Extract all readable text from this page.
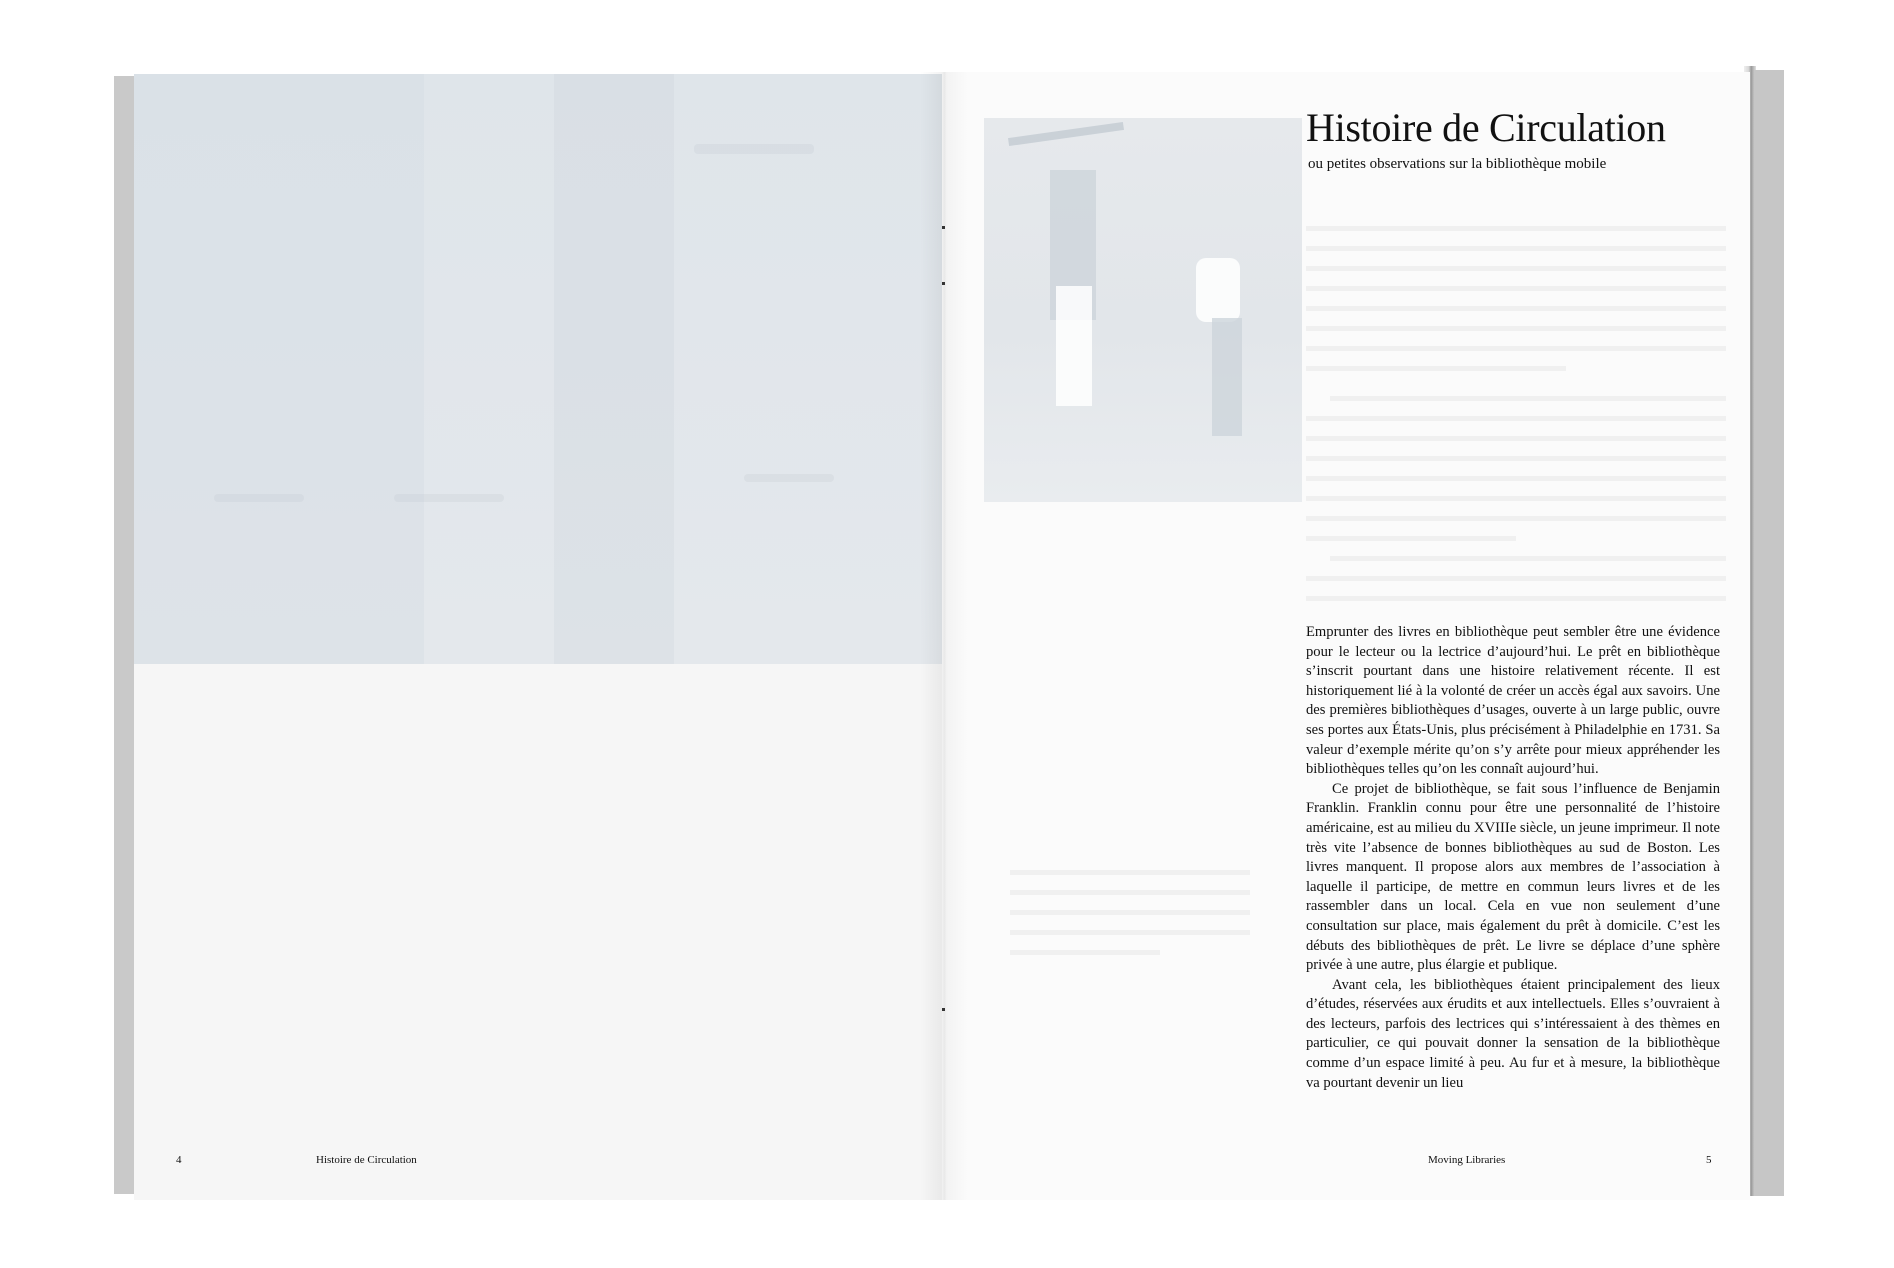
Histoire de Circulation
ou petites observations sur la bibliothèque mobile

Emprunter des livres en bibliothèque peut sembler être une évidence pour le lecteur ou la lectrice d’aujourd’hui. Le prêt en bibliothèque s’inscrit pourtant dans une histoire relativement récente. Il est historiquement lié à la volonté de créer un accès égal aux savoirs. Une des premières bibliothèques d’usages, ouverte à un large public, ouvre ses portes aux États-Unis, plus précisément à Philadelphie en 1731. Sa valeur d’exemple mérite qu’on s’y arrête pour mieux appréhender les bibliothèques telles qu’on les connaît aujourd’hui.

Ce projet de bibliothèque, se fait sous l’influence de Benjamin Franklin. Franklin connu pour être une personnalité de l’histoire américaine, est au milieu du XVIIIe siècle, un jeune imprimeur. Il note très vite l’absence de bonnes bibliothèques au sud de Boston. Les livres manquent. Il propose alors aux membres de l’association à laquelle il participe, de mettre en commun leurs livres et de les rassembler dans un local. Cela en vue non seulement d’une consultation sur place, mais également du prêt à domicile. C’est les débuts des bibliothèques de prêt. Le livre se déplace d’une sphère privée à une autre, plus élargie et publique.

Avant cela, les bibliothèques étaient principalement des lieux d’études, réservées aux érudits et aux intellectuels. Elles s’ouvraient à des lecteurs, parfois des lectrices qui s’intéressaient à des thèmes en particulier, ce qui pouvait donner la sensation de la bibliothèque comme d’un espace limité à peu. Au fur et à mesure, la bibliothèque va pourtant devenir un lieu

4	Histoire de Circulation	Moving Libraries	5
